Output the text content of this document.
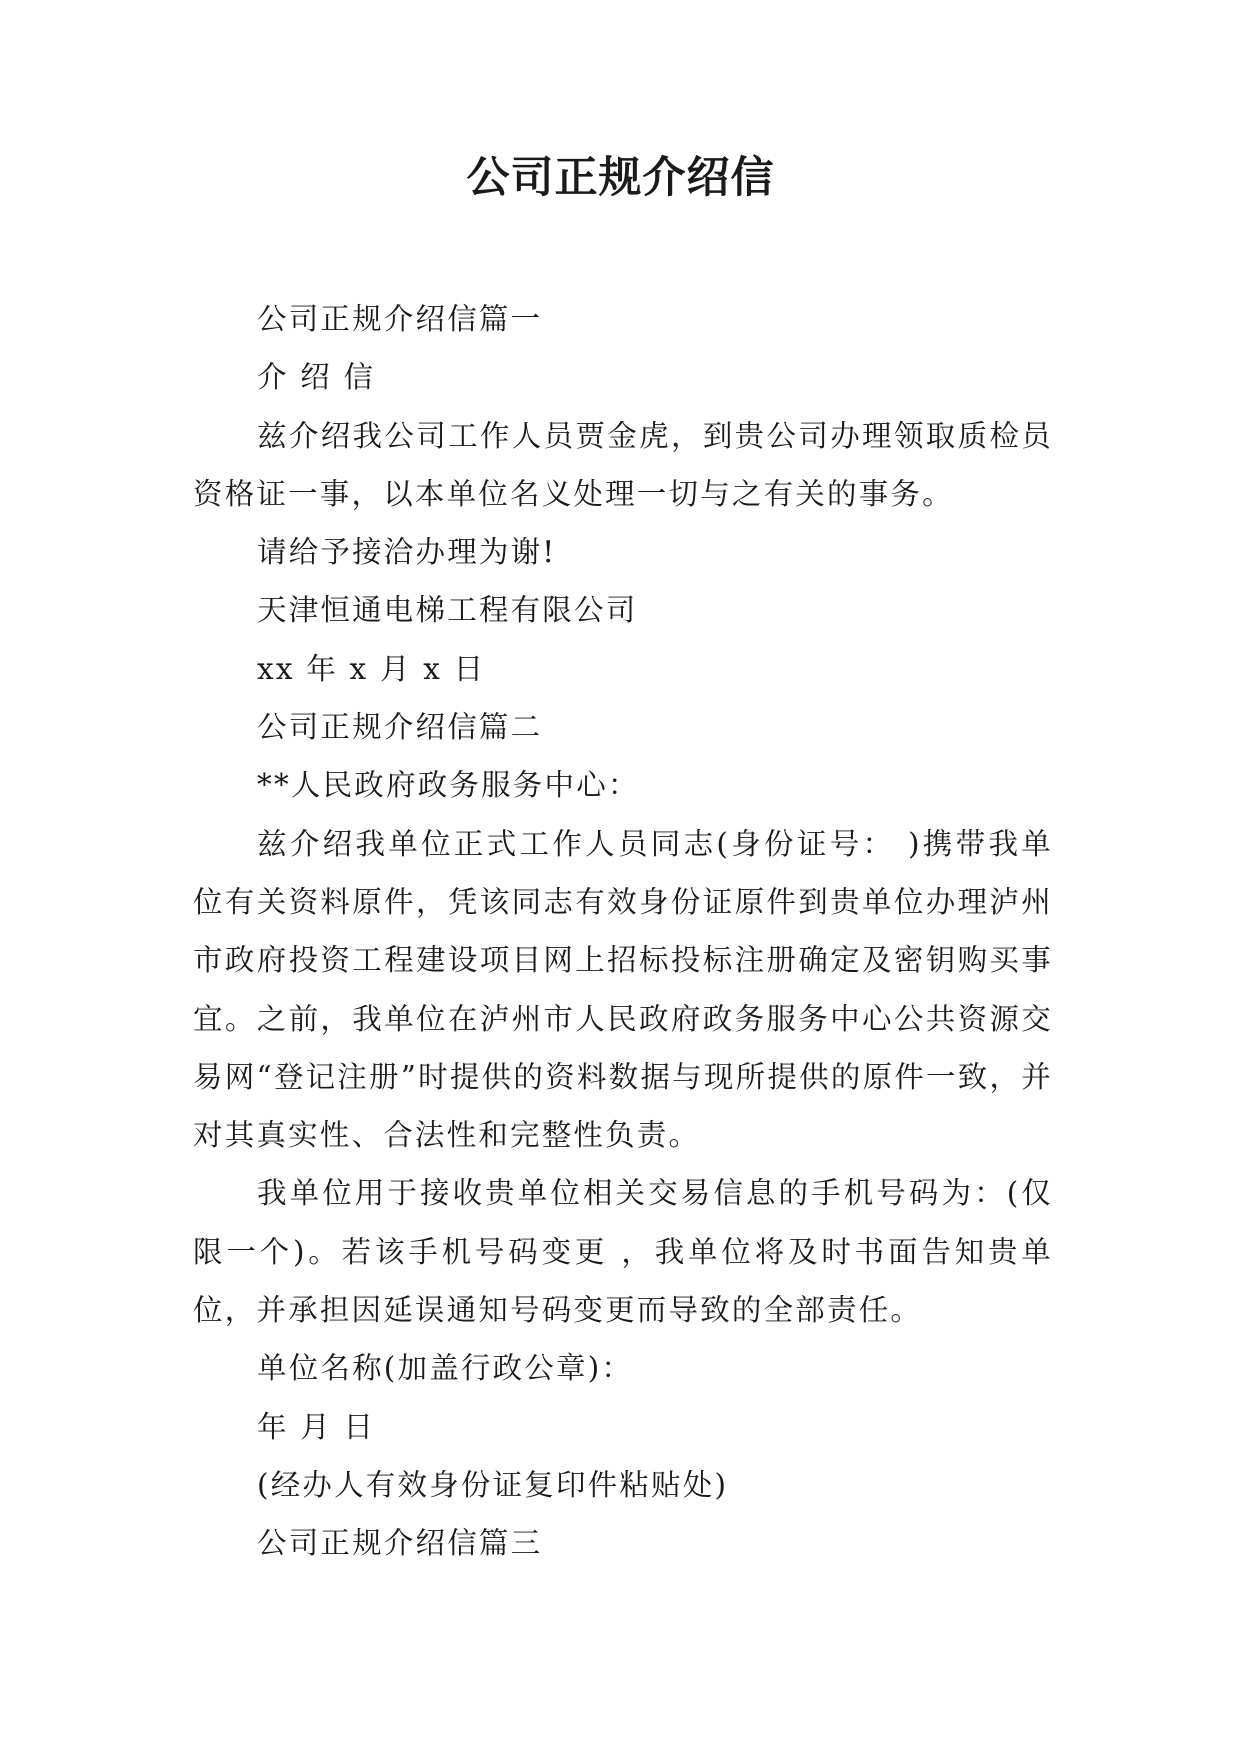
公司正规介绍信

公司正规介绍信篇一

介 绍 信

兹介绍我公司工作人员贾金虎，到贵公司办理领取质检员资格证一事，以本单位名义处理一切与之有关的事务。

请给予接洽办理为谢!

天津恒通电梯工程有限公司

xx 年 x 月 x 日

公司正规介绍信篇二

**人民政府政务服务中心：

兹介绍我单位正式工作人员同志(身份证号： )携带我单位有关资料原件，凭该同志有效身份证原件到贵单位办理泸州市政府投资工程建设项目网上招标投标注册确定及密钥购买事宜。之前，我单位在泸州市人民政府政务服务中心公共资源交易网“登记注册”时提供的资料数据与现所提供的原件一致，并对其真实性、合法性和完整性负责。

我单位用于接收贵单位相关交易信息的手机号码为：(仅限一个)。若该手机号码变更 ，我单位将及时书面告知贵单位，并承担因延误通知号码变更而导致的全部责任。

单位名称(加盖行政公章)：

年 月 日

(经办人有效身份证复印件粘贴处)

公司正规介绍信篇三
